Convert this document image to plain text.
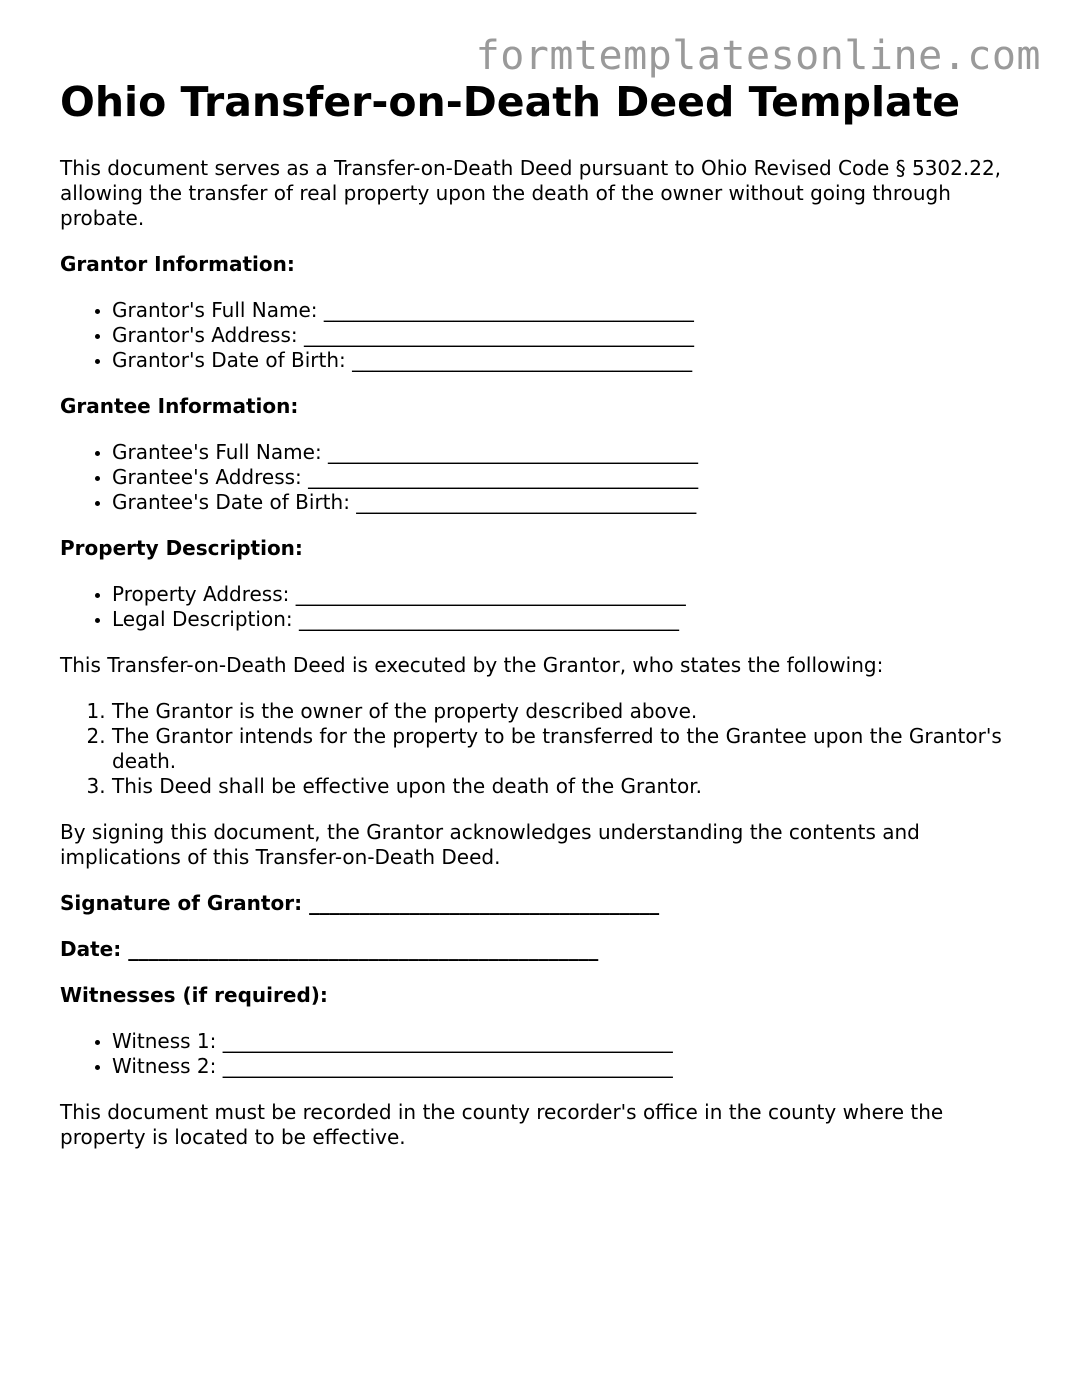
formtemplatesonline.com
Ohio Transfer-on-Death Deed Template

This document serves as a Transfer-on-Death Deed pursuant to Ohio Revised Code § 5302.22, allowing the transfer of real property upon the death of the owner without going through probate.

Grantor Information:

• Grantor's Full Name: _____________________________________
• Grantor's Address: _______________________________________
• Grantor's Date of Birth: __________________________________

Grantee Information:

• Grantee's Full Name: _____________________________________
• Grantee's Address: _______________________________________
• Grantee's Date of Birth: __________________________________

Property Description:

• Property Address: _______________________________________
• Legal Description: ______________________________________

This Transfer-on-Death Deed is executed by the Grantor, who states the following:

1. The Grantor is the owner of the property described above.
2. The Grantor intends for the property to be transferred to the Grantee upon the Grantor's death.
3. This Deed shall be effective upon the death of the Grantor.

By signing this document, the Grantor acknowledges understanding the contents and implications of this Transfer-on-Death Deed.

Signature of Grantor: ___________________________________

Date: _______________________________________________

Witnesses (if required):

• Witness 1: _____________________________________________
• Witness 2: _____________________________________________

This document must be recorded in the county recorder's office in the county where the property is located to be effective.
